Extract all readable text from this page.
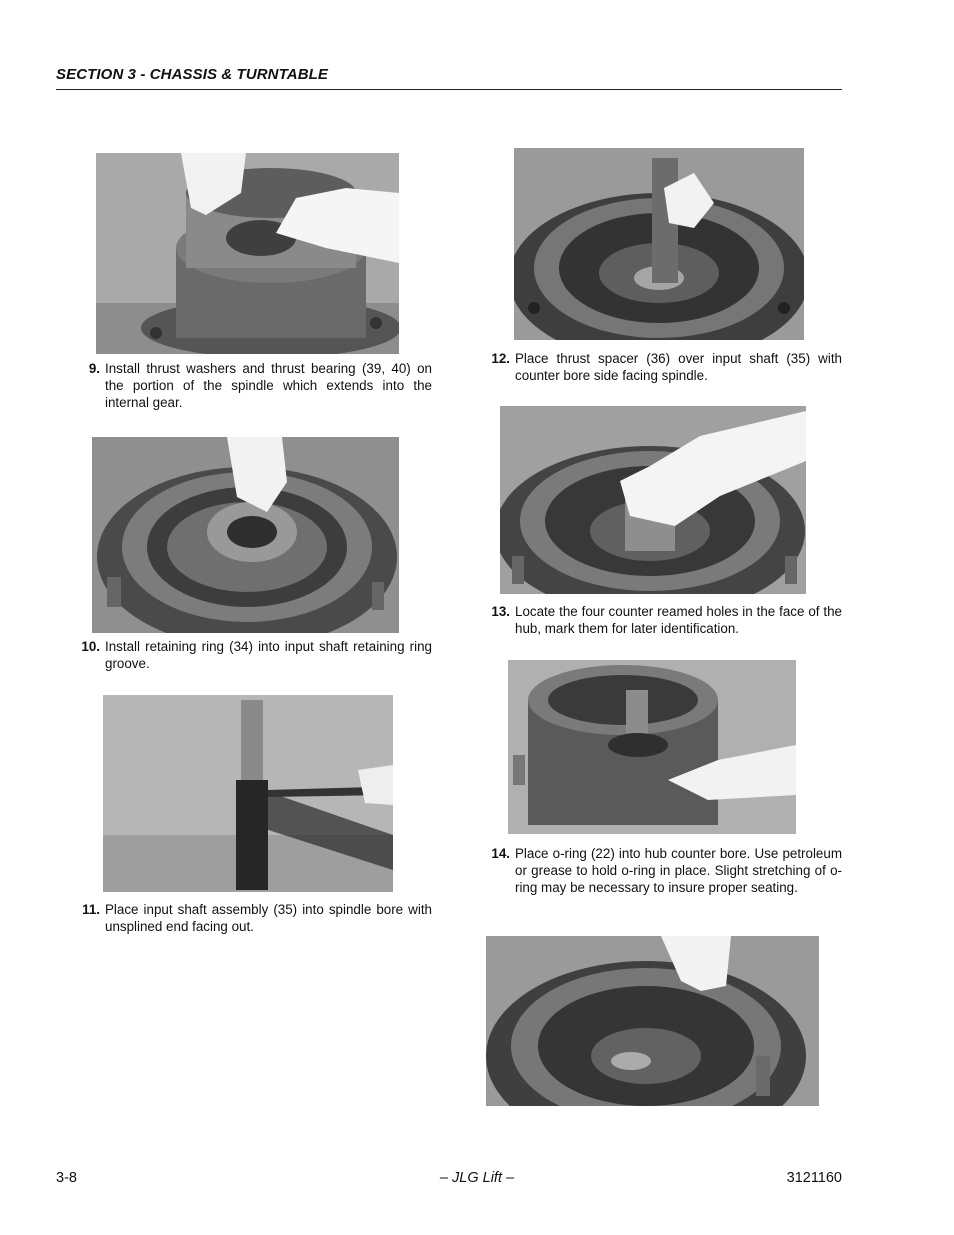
SECTION 3 - CHASSIS & TURNTABLE
9. Install thrust washers and thrust bearing (39, 40) on the portion of the spindle which extends into the internal gear.
10. Install retaining ring (34) into input shaft retaining ring groove.
11. Place input shaft assembly (35) into spindle bore with unsplined end facing out.
12. Place thrust spacer (36) over input shaft (35) with counter bore side facing spindle.
13. Locate the four counter reamed holes in the face of the hub, mark them for later identification.
14. Place o-ring (22) into hub counter bore. Use petroleum or grease to hold o-ring in place. Slight stretching of o-ring may be necessary to insure proper seating.
3-8	– JLG Lift –	3121160
